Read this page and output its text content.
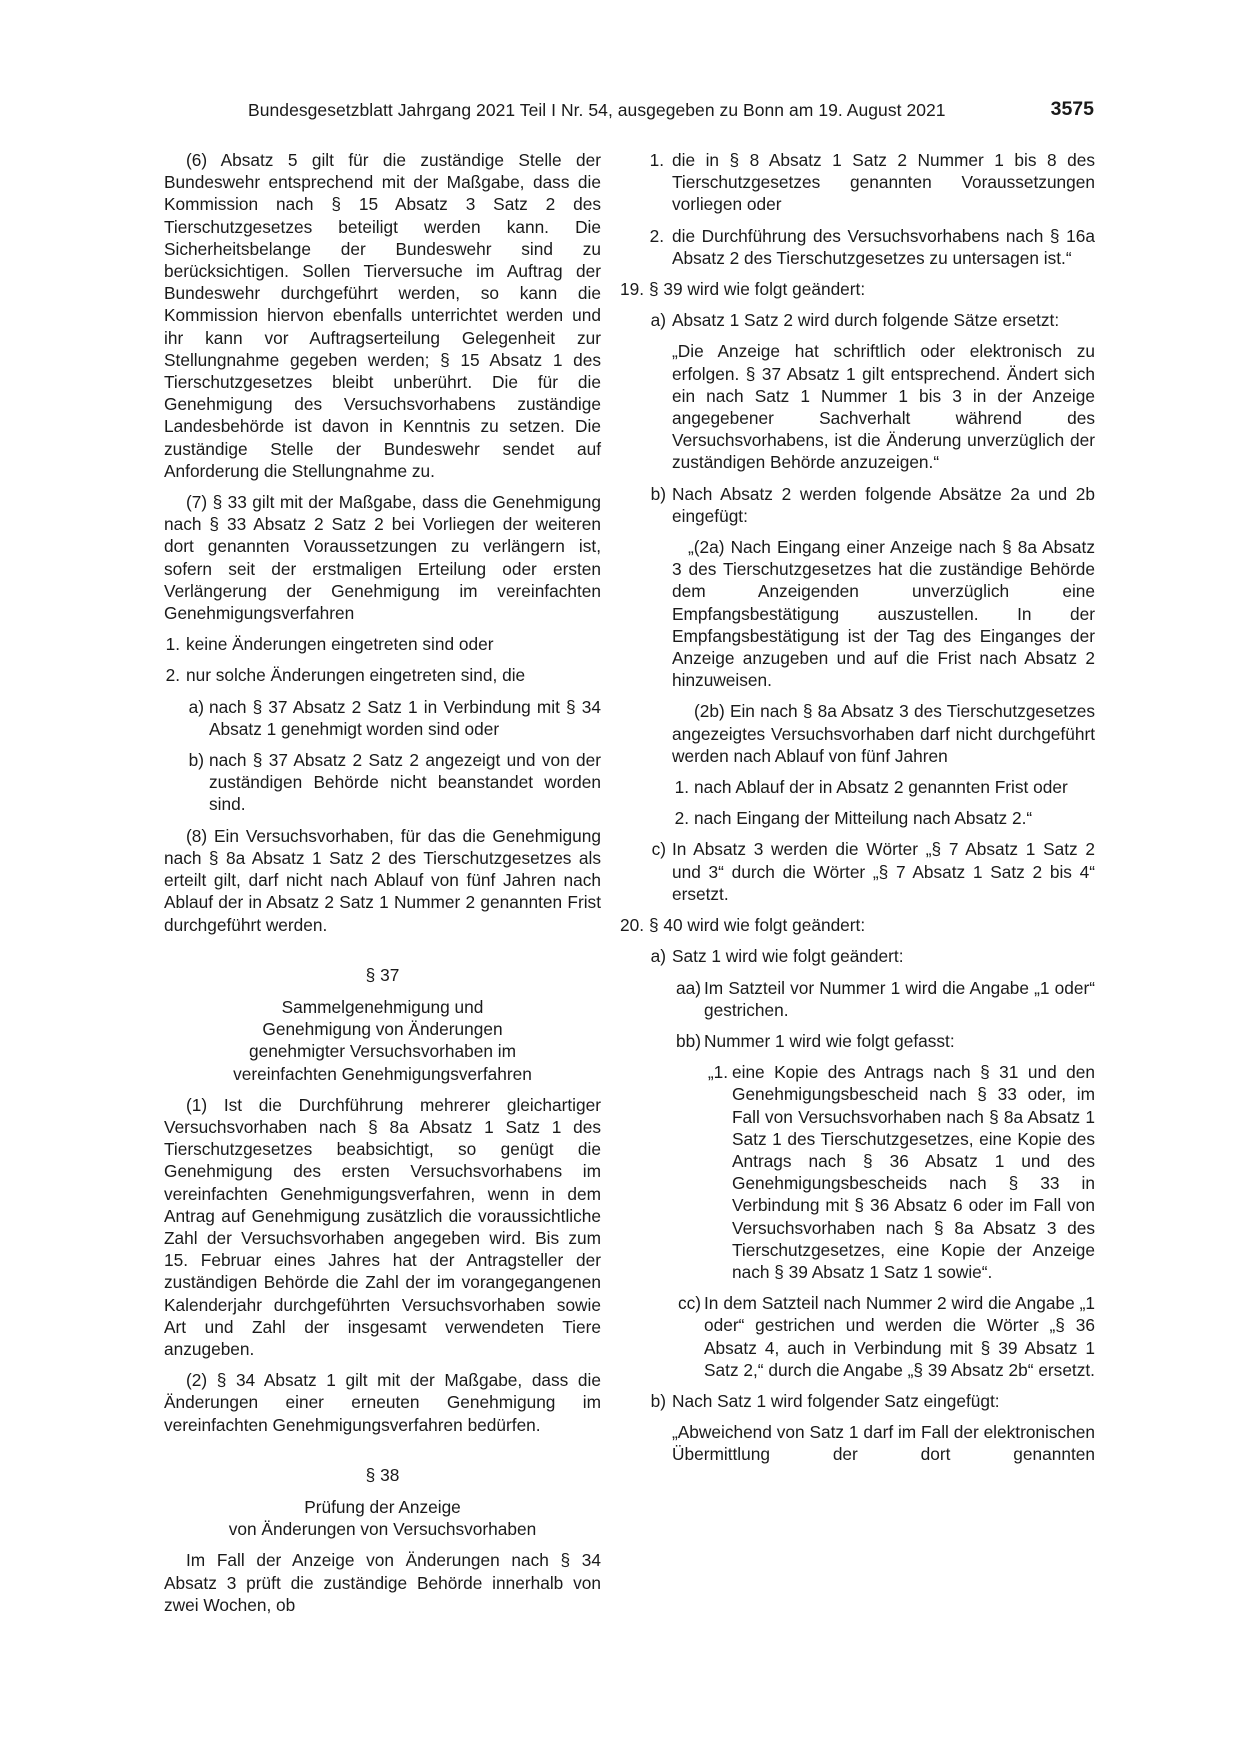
Bundesgesetzblatt Jahrgang 2021 Teil I Nr. 54, ausgegeben zu Bonn am 19. August 2021	3575

(6) Absatz 5 gilt für die zuständige Stelle der Bundeswehr entsprechend mit der Maßgabe, dass die Kommission nach § 15 Absatz 3 Satz 2 des Tierschutzgesetzes beteiligt werden kann. Die Sicherheitsbelange der Bundeswehr sind zu berücksichtigen. Sollen Tierversuche im Auftrag der Bundeswehr durchgeführt werden, so kann die Kommission hiervon ebenfalls unterrichtet werden und ihr kann vor Auftragserteilung Gelegenheit zur Stellungnahme gegeben werden; § 15 Absatz 1 des Tierschutzgesetzes bleibt unberührt. Die für die Genehmigung des Versuchsvorhabens zuständige Landesbehörde ist davon in Kenntnis zu setzen. Die zuständige Stelle der Bundeswehr sendet auf Anforderung die Stellungnahme zu.

(7) § 33 gilt mit der Maßgabe, dass die Genehmigung nach § 33 Absatz 2 Satz 2 bei Vorliegen der weiteren dort genannten Voraussetzungen zu verlängern ist, sofern seit der erstmaligen Erteilung oder ersten Verlängerung der Genehmigung im vereinfachten Genehmigungsverfahren

1. keine Änderungen eingetreten sind oder
2. nur solche Änderungen eingetreten sind, die
a) nach § 37 Absatz 2 Satz 1 in Verbindung mit § 34 Absatz 1 genehmigt worden sind oder
b) nach § 37 Absatz 2 Satz 2 angezeigt und von der zuständigen Behörde nicht beanstandet worden sind.

(8) Ein Versuchsvorhaben, für das die Genehmigung nach § 8a Absatz 1 Satz 2 des Tierschutzgesetzes als erteilt gilt, darf nicht nach Ablauf von fünf Jahren nach Ablauf der in Absatz 2 Satz 1 Nummer 2 genannten Frist durchgeführt werden.

§ 37
Sammelgenehmigung und
Genehmigung von Änderungen
genehmigter Versuchsvorhaben im
vereinfachten Genehmigungsverfahren

(1) Ist die Durchführung mehrerer gleichartiger Versuchsvorhaben nach § 8a Absatz 1 Satz 1 des Tierschutzgesetzes beabsichtigt, so genügt die Genehmigung des ersten Versuchsvorhabens im vereinfachten Genehmigungsverfahren, wenn in dem Antrag auf Genehmigung zusätzlich die voraussichtliche Zahl der Versuchsvorhaben angegeben wird. Bis zum 15. Februar eines Jahres hat der Antragsteller der zuständigen Behörde die Zahl der im vorangegangenen Kalenderjahr durchgeführten Versuchsvorhaben sowie Art und Zahl der insgesamt verwendeten Tiere anzugeben.

(2) § 34 Absatz 1 gilt mit der Maßgabe, dass die Änderungen einer erneuten Genehmigung im vereinfachten Genehmigungsverfahren bedürfen.

§ 38
Prüfung der Anzeige
von Änderungen von Versuchsvorhaben

Im Fall der Anzeige von Änderungen nach § 34 Absatz 3 prüft die zuständige Behörde innerhalb von zwei Wochen, ob

1. die in § 8 Absatz 1 Satz 2 Nummer 1 bis 8 des Tierschutzgesetzes genannten Voraussetzungen vorliegen oder
2. die Durchführung des Versuchsvorhabens nach § 16a Absatz 2 des Tierschutzgesetzes zu untersagen ist.“
19. § 39 wird wie folgt geändert:
a) Absatz 1 Satz 2 wird durch folgende Sätze ersetzt:

„Die Anzeige hat schriftlich oder elektronisch zu erfolgen. § 37 Absatz 1 gilt entsprechend. Ändert sich ein nach Satz 1 Nummer 1 bis 3 in der Anzeige angegebener Sachverhalt während des Versuchsvorhabens, ist die Änderung unverzüglich der zuständigen Behörde anzuzeigen.“

b) Nach Absatz 2 werden folgende Absätze 2a und 2b eingefügt:

„(2a) Nach Eingang einer Anzeige nach § 8a Absatz 3 des Tierschutzgesetzes hat die zuständige Behörde dem Anzeigenden unverzüglich eine Empfangsbestätigung auszustellen. In der Empfangsbestätigung ist der Tag des Einganges der Anzeige anzugeben und auf die Frist nach Absatz 2 hinzuweisen.

(2b) Ein nach § 8a Absatz 3 des Tierschutzgesetzes angezeigtes Versuchsvorhaben darf nicht durchgeführt werden nach Ablauf von fünf Jahren

1. nach Ablauf der in Absatz 2 genannten Frist oder
2. nach Eingang der Mitteilung nach Absatz 2.“
c) In Absatz 3 werden die Wörter „§ 7 Absatz 1 Satz 2 und 3“ durch die Wörter „§ 7 Absatz 1 Satz 2 bis 4“ ersetzt.
20. § 40 wird wie folgt geändert:
a) Satz 1 wird wie folgt geändert:
aa) Im Satzteil vor Nummer 1 wird die Angabe „1 oder“ gestrichen.
bb) Nummer 1 wird wie folgt gefasst:
„1. eine Kopie des Antrags nach § 31 und den Genehmigungsbescheid nach § 33 oder, im Fall von Versuchsvorhaben nach § 8a Absatz 1 Satz 1 des Tierschutzgesetzes, eine Kopie des Antrags nach § 36 Absatz 1 und des Genehmigungsbescheids nach § 33 in Verbindung mit § 36 Absatz 6 oder im Fall von Versuchsvorhaben nach § 8a Absatz 3 des Tierschutzgesetzes, eine Kopie der Anzeige nach § 39 Absatz 1 Satz 1 sowie“.
cc) In dem Satzteil nach Nummer 2 wird die Angabe „1 oder“ gestrichen und werden die Wörter „§ 36 Absatz 4, auch in Verbindung mit § 39 Absatz 1 Satz 2,“ durch die Angabe „§ 39 Absatz 2b“ ersetzt.
b) Nach Satz 1 wird folgender Satz eingefügt:

„Abweichend von Satz 1 darf im Fall der elektronischen Übermittlung der dort genannten
